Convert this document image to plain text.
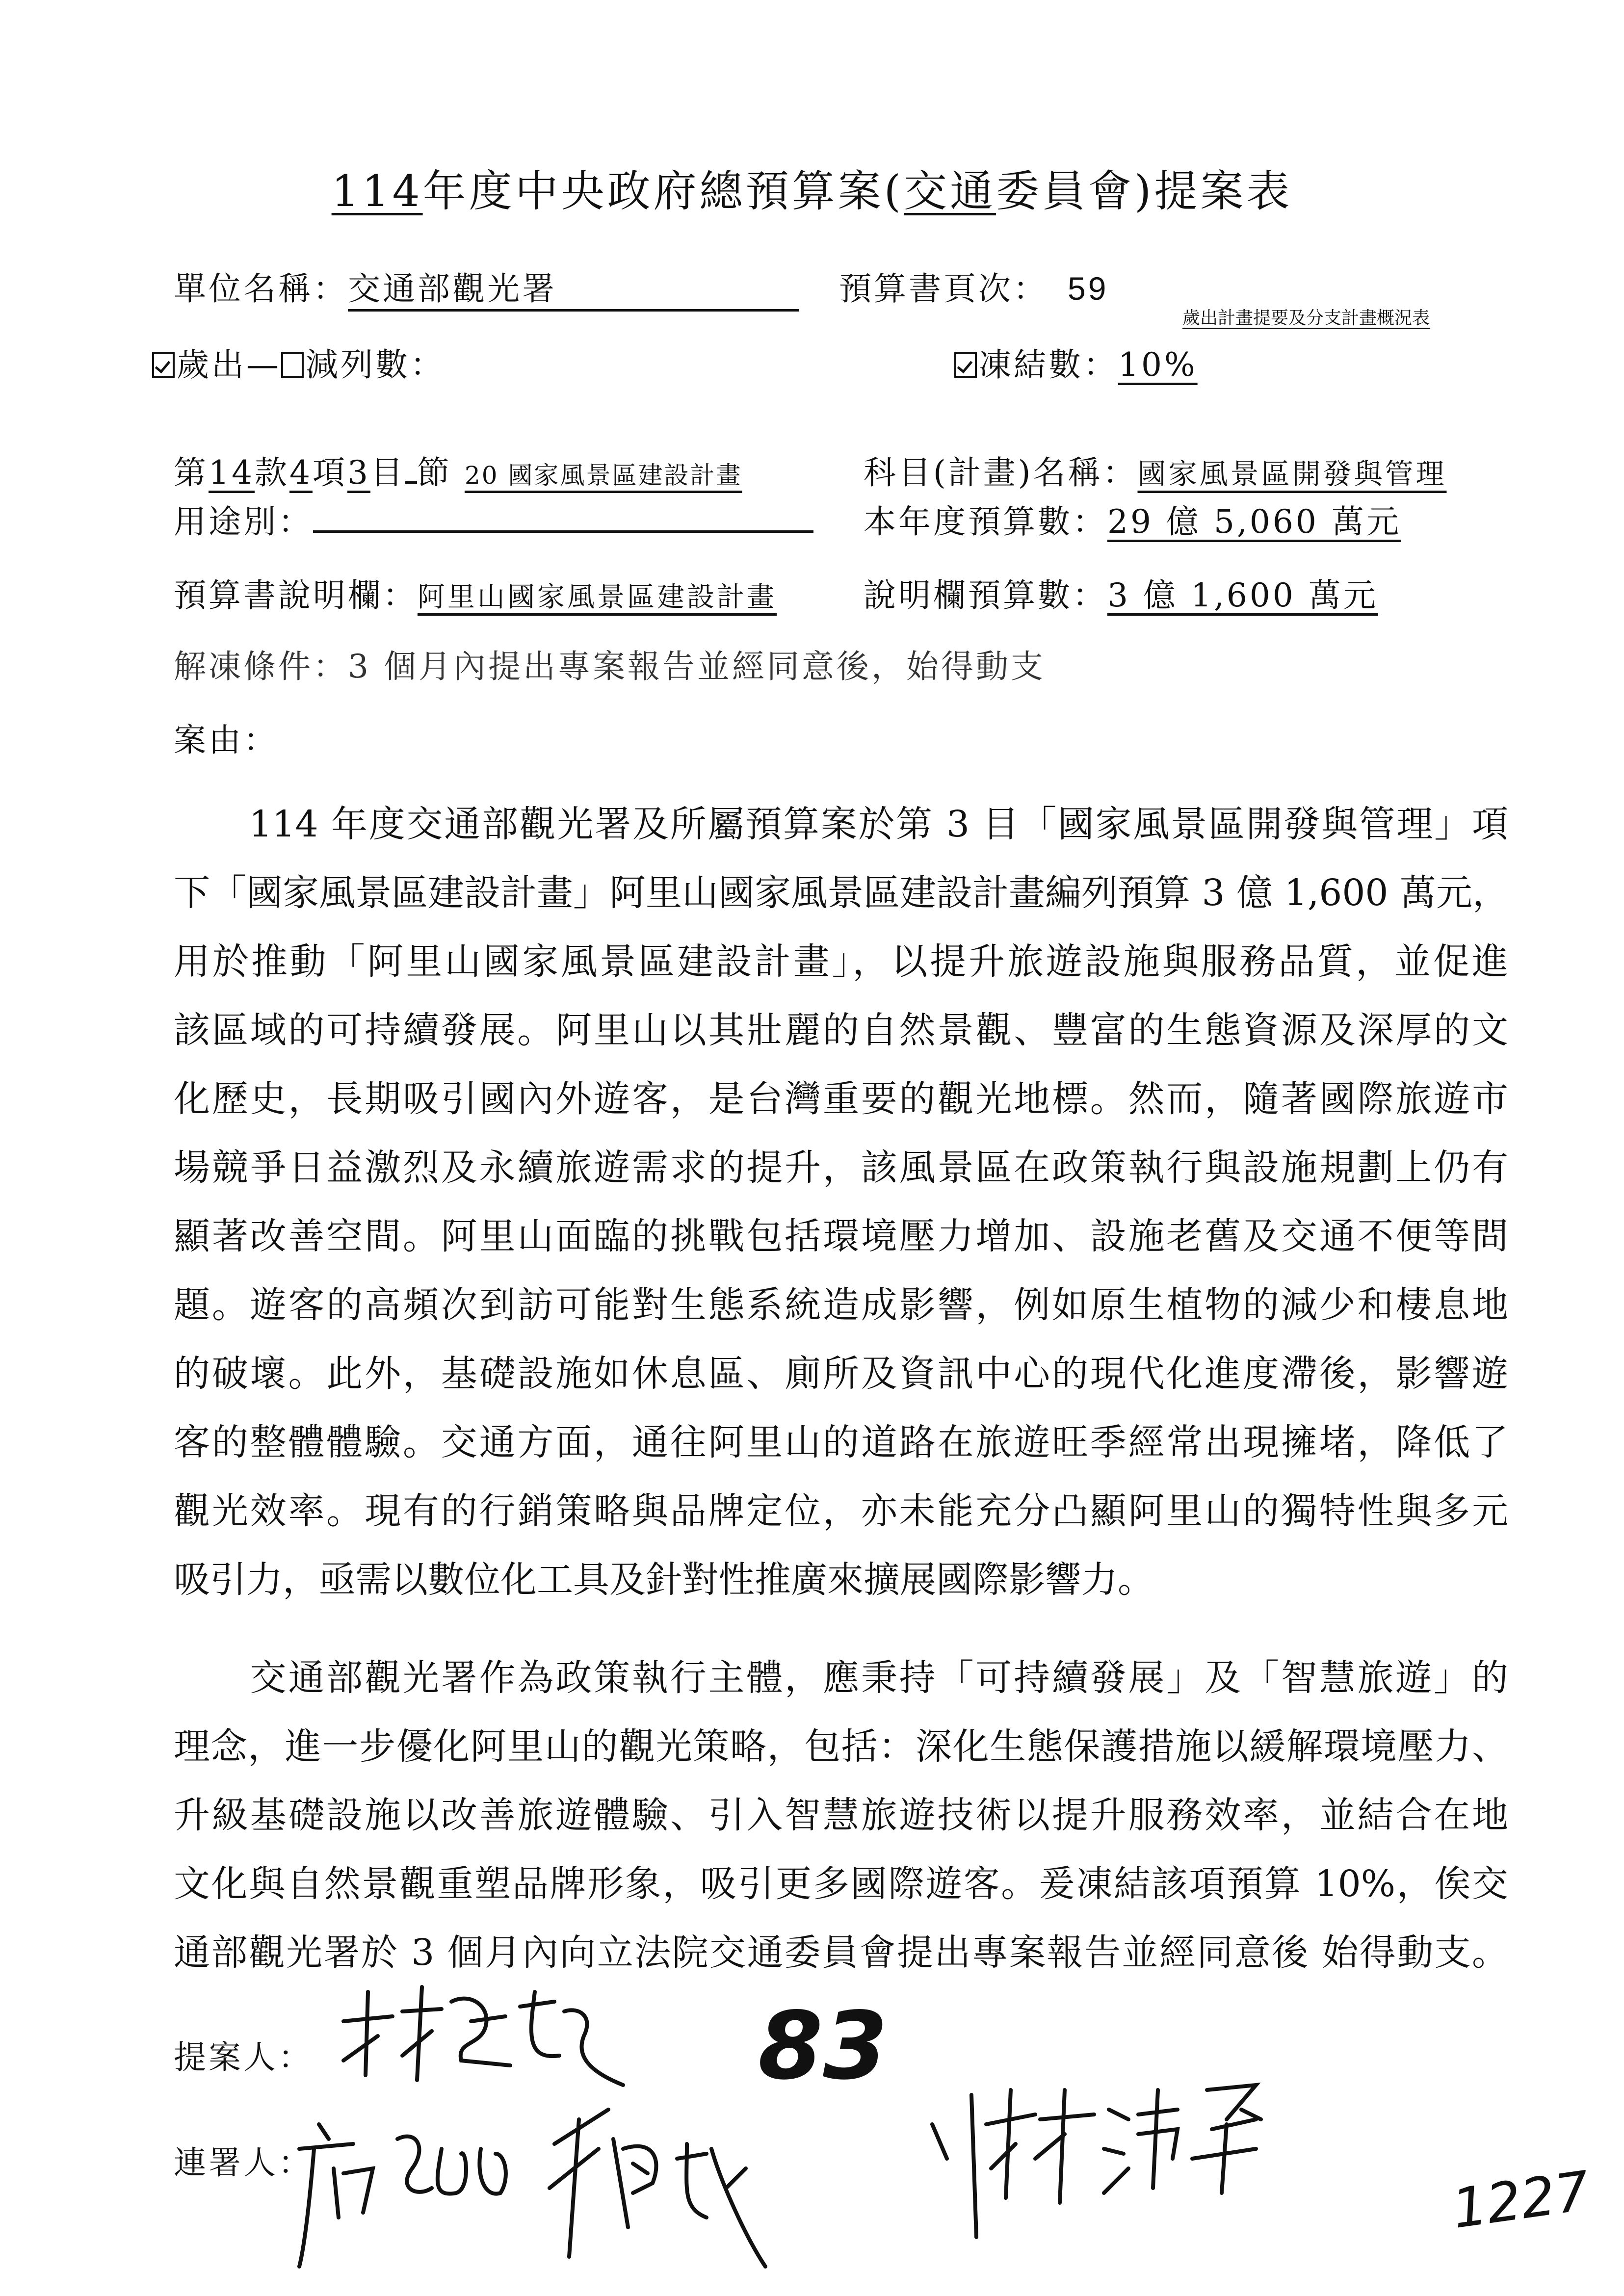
114年度中央政府總預算案(交通委員會)提案表
單位名稱：交通部觀光署	預算書頁次： 59
歲出計畫提要及分支計畫概況表
歲出— 減列數：	凍結數：10%
第14款4項3目 節 20 國家風景區建設計畫	科目(計畫)名稱：國家風景區開發與管理
用途別：	本年度預算數：29 億 5,060 萬元
預算書說明欄：阿里山國家風景區建設計畫	說明欄預算數：3 億 1,600 萬元
解凍條件：3 個月內提出專案報告並經同意後，始得動支
案由：
　　114 年度交通部觀光署及所屬預算案於第 3 目「國家風景區開發與管理」項
下「國家風景區建設計畫」阿里山國家風景區建設計畫編列預算 3 億 1,600 萬元，
用於推動「阿里山國家風景區建設計畫」，以提升旅遊設施與服務品質，並促進
該區域的可持續發展。阿里山以其壯麗的自然景觀、豐富的生態資源及深厚的文
化歷史，長期吸引國內外遊客，是台灣重要的觀光地標。然而，隨著國際旅遊市
場競爭日益激烈及永續旅遊需求的提升，該風景區在政策執行與設施規劃上仍有
顯著改善空間。阿里山面臨的挑戰包括環境壓力增加、設施老舊及交通不便等問
題。遊客的高頻次到訪可能對生態系統造成影響，例如原生植物的減少和棲息地
的破壞。此外，基礎設施如休息區、廁所及資訊中心的現代化進度滯後，影響遊
客的整體體驗。交通方面，通往阿里山的道路在旅遊旺季經常出現擁堵，降低了
觀光效率。現有的行銷策略與品牌定位，亦未能充分凸顯阿里山的獨特性與多元
吸引力，亟需以數位化工具及針對性推廣來擴展國際影響力。
　　交通部觀光署作為政策執行主體，應秉持「可持續發展」及「智慧旅遊」的
理念，進一步優化阿里山的觀光策略，包括：深化生態保護措施以緩解環境壓力、
升級基礎設施以改善旅遊體驗、引入智慧旅遊技術以提升服務效率，並結合在地
文化與自然景觀重塑品牌形象，吸引更多國際遊客。爰凍結該項預算 10%，俟交
通部觀光署於 3 個月內向立法院交通委員會提出專案報告並經同意後 始得動支。
提案人：
連署人：
83
1227
